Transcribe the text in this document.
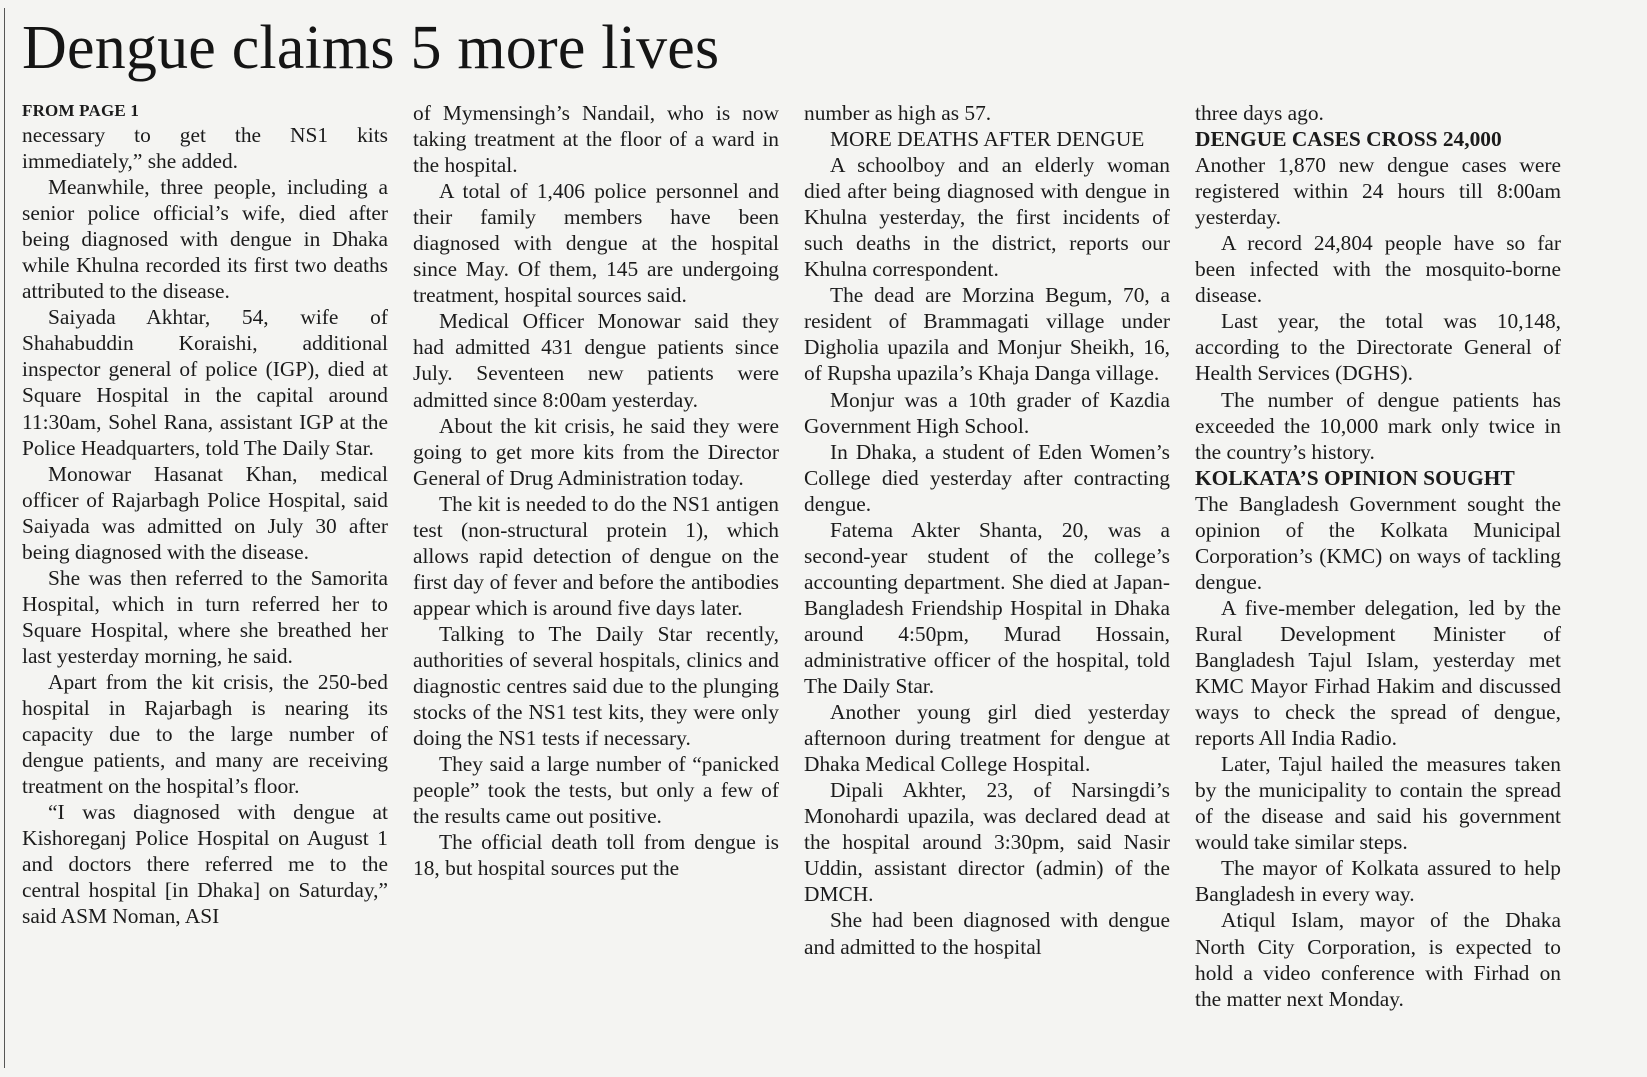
Dengue claims 5 more lives
FROM PAGE 1

necessary to get the NS1 kits immediately,” she added.

Meanwhile, three people, including a senior police official’s wife, died after being diagnosed with dengue in Dhaka while Khulna recorded its first two deaths attributed to the disease.

Saiyada Akhtar, 54, wife of Shahabuddin Koraishi, additional inspector general of police (IGP), died at Square Hospital in the capital around 11:30am, Sohel Rana, assistant IGP at the Police Headquarters, told The Daily Star.

Monowar Hasanat Khan, medical officer of Rajarbagh Police Hospital, said Saiyada was admitted on July 30 after being diagnosed with the disease.

She was then referred to the Samorita Hospital, which in turn referred her to Square Hospital, where she breathed her last yesterday morning, he said.

Apart from the kit crisis, the 250-bed hospital in Rajarbagh is nearing its capacity due to the large number of dengue patients, and many are receiving treatment on the hospital’s floor.

“I was diagnosed with dengue at Kishoreganj Police Hospital on August 1 and doctors there referred me to the central hospital [in Dhaka] on Saturday,” said ASM Noman, ASI

of Mymensingh’s Nandail, who is now taking treatment at the floor of a ward in the hospital.

A total of 1,406 police personnel and their family members have been diagnosed with dengue at the hospital since May. Of them, 145 are undergoing treatment, hospital sources said.

Medical Officer Monowar said they had admitted 431 dengue patients since July. Seventeen new patients were admitted since 8:00am yesterday.

About the kit crisis, he said they were going to get more kits from the Director General of Drug Administration today.

The kit is needed to do the NS1 antigen test (non-structural protein 1), which allows rapid detection of dengue on the first day of fever and before the antibodies appear which is around five days later.

Talking to The Daily Star recently, authorities of several hospitals, clinics and diagnostic centres said due to the plunging stocks of the NS1 test kits, they were only doing the NS1 tests if necessary.

They said a large number of “panicked people” took the tests, but only a few of the results came out positive.

The official death toll from dengue is 18, but hospital sources put the

number as high as 57.

MORE DEATHS AFTER DENGUE

A schoolboy and an elderly woman died after being diagnosed with dengue in Khulna yesterday, the first incidents of such deaths in the district, reports our Khulna correspondent.

The dead are Morzina Begum, 70, a resident of Brammagati village under Digholia upazila and Monjur Sheikh, 16, of Rupsha upazila’s Khaja Danga village.

Monjur was a 10th grader of Kazdia Government High School.

In Dhaka, a student of Eden Women’s College died yesterday after contracting dengue.

Fatema Akter Shanta, 20, was a second-year student of the college’s accounting department. She died at Japan-Bangladesh Friendship Hospital in Dhaka around 4:50pm, Murad Hossain, administrative officer of the hospital, told The Daily Star.

Another young girl died yesterday afternoon during treatment for dengue at Dhaka Medical College Hospital.

Dipali Akhter, 23, of Narsingdi’s Monohardi upazila, was declared dead at the hospital around 3:30pm, said Nasir Uddin, assistant director (admin) of the DMCH.

She had been diagnosed with dengue and admitted to the hospital

three days ago.

DENGUE CASES CROSS 24,000

Another 1,870 new dengue cases were registered within 24 hours till 8:00am yesterday.

A record 24,804 people have so far been infected with the mosquito-borne disease.

Last year, the total was 10,148, according to the Directorate General of Health Services (DGHS).

The number of dengue patients has exceeded the 10,000 mark only twice in the country’s history.

KOLKATA’S OPINION SOUGHT

The Bangladesh Government sought the opinion of the Kolkata Municipal Corporation’s (KMC) on ways of tackling dengue.

A five-member delegation, led by the Rural Development Minister of Bangladesh Tajul Islam, yesterday met KMC Mayor Firhad Hakim and discussed ways to check the spread of dengue, reports All India Radio.

Later, Tajul hailed the measures taken by the municipality to contain the spread of the disease and said his government would take similar steps.

The mayor of Kolkata assured to help Bangladesh in every way.

Atiqul Islam, mayor of the Dhaka North City Corporation, is expected to hold a video conference with Firhad on the matter next Monday.
